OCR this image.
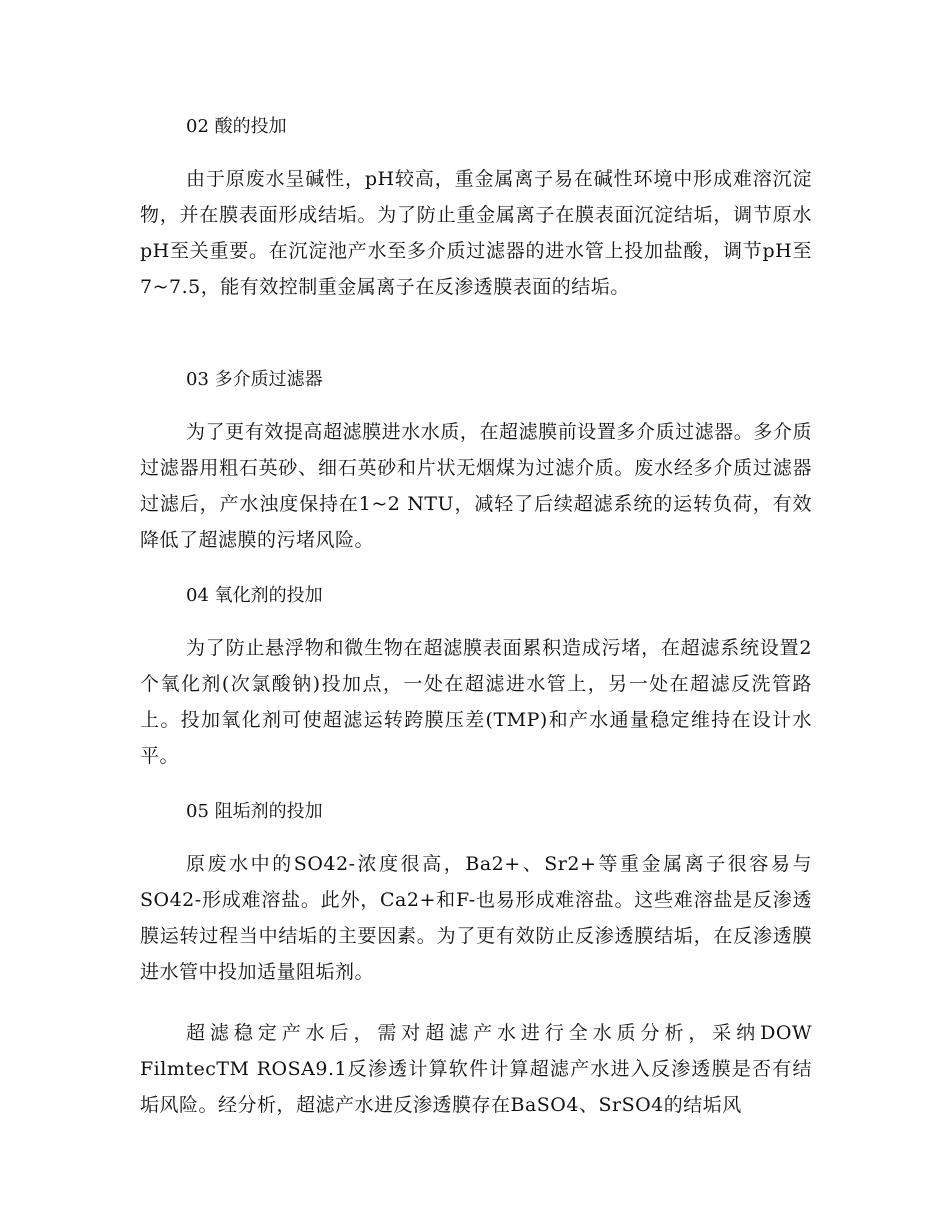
02 酸的投加

由于原废水呈碱性，pH较高，重金属离子易在碱性环境中形成难溶沉淀物，并在膜表面形成结垢。为了防止重金属离子在膜表面沉淀结垢，调节原水pH至关重要。在沉淀池产水至多介质过滤器的进水管上投加盐酸，调节pH至7~7.5，能有效控制重金属离子在反渗透膜表面的结垢。

03 多介质过滤器

为了更有效提高超滤膜进水水质，在超滤膜前设置多介质过滤器。多介质过滤器用粗石英砂、细石英砂和片状无烟煤为过滤介质。废水经多介质过滤器过滤后，产水浊度保持在1~2 NTU，减轻了后续超滤系统的运转负荷，有效降低了超滤膜的污堵风险。

04 氧化剂的投加

为了防止悬浮物和微生物在超滤膜表面累积造成污堵，在超滤系统设置2个氧化剂(次氯酸钠)投加点，一处在超滤进水管上，另一处在超滤反洗管路上。投加氧化剂可使超滤运转跨膜压差(TMP)和产水通量稳定维持在设计水平。

05 阻垢剂的投加

原废水中的SO42-浓度很高，Ba2+、Sr2+等重金属离子很容易与SO42-形成难溶盐。此外，Ca2+和F-也易形成难溶盐。这些难溶盐是反渗透膜运转过程当中结垢的主要因素。为了更有效防止反渗透膜结垢，在反渗透膜进水管中投加适量阻垢剂。

超滤稳定产水后，需对超滤产水进行全水质分析，采纳DOW FilmtecTM ROSA9.1反渗透计算软件计算超滤产水进入反渗透膜是否有结垢风险。经分析，超滤产水进反渗透膜存在BaSO4、SrSO4的结垢风
